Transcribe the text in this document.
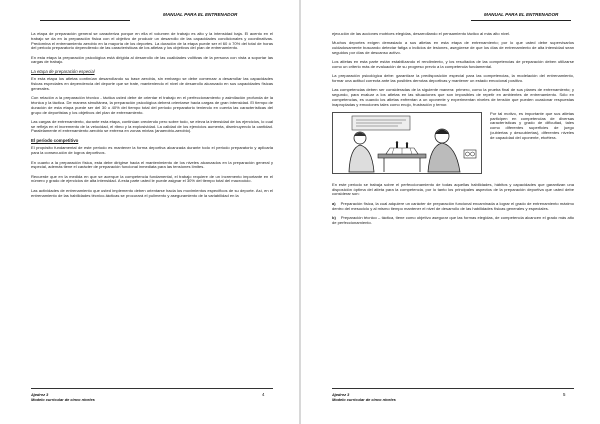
MANUAL PARA EL ENTRENADOR

La etapa de preparación general se caracteriza porque en ella el volumen de trabajo es alto y la intensidad baja. El acento en el trabajo se da en la preparación física con el objetivo de producir un desarrollo de las capacidades condicionales y coordinativas. Predomina el entrenamiento aerobio en la mayoría de los deportes. La duración de la etapa puede ser el 60 ó 70% del total de horas del periodo preparatorio dependiendo de las características de los atletas y los objetivos del plan de entrenamiento.

En esta etapa la preparación psicológica está dirigida al desarrollo de las cualidades volitivas de la persona con vista a soportar las cargas de trabajo.

La etapa de preparación especial

En esta etapa los atletas continúan desarrollando su base aerobia, sin embargo se debe comenzar a desarrollar las capacidades físicas especiales en dependencia del deporte que se trate, manteniendo el nivel de desarrollo alcanzado en sus capacidades físicas generales.

Con relación a la preparación técnico - táctica usted debe de orientar el trabajo en el perfeccionamiento y asimilación profunda de la técnica y la táctica. De manera simultánea, la preparación psicológica deberá orientarse hacia cargas de gran intensidad. El tiempo de duración de esta etapa puede ser del 30 o 40% del tiempo total del periodo preparatorio teniendo en cuenta las características del grupo de deportistas y los objetivos del plan de entrenamiento.

Las cargas de entrenamiento, durante esta etapa, continúan creciendo pero sobre todo, se eleva la intensidad de los ejercicios, lo cual se refleja en el incremento de la velocidad, el ritmo y la explosividad. La calidad de los ejercicios aumenta, disminuyendo la cantidad. Paralelamente el entrenamiento aerobio se entrena en zonas mixtas (anaerobio-aerobio).

El periodo competitivo

El propósito fundamental de este periodo es mantener la forma deportiva alcanzada durante todo el periodo preparatorio y aplicarla para la consecución de logros deportivos.

En cuanto a la preparación física, esta debe dirigirse hacia el mantenimiento de los niveles alcanzados en la preparación general y especial, además tiene el carácter de preparación funcional inmediata para las tensiones límites.

Recuerde que en la medida en que se acerque la competencia fundamental, el trabajo requiere de un incremento importante en el número y grado de ejercicios de alta intensidad. A esta parte usted le puede asignar el 30% del tiempo total del macrociclo.

Las actividades de entrenamiento que usted implemento deben orientarse hacia los movimientos específicos de su deporte. Así, en el entrenamiento de las habilidades técnico-tácticas se procurará el pulimento y aseguramiento de la variabilidad en la

Ajedrez 3
Modelo curricular de cinco niveles
4
MANUAL PARA EL ENTRENADOR

ejecución de las acciones motrices elegidas, desarrollando el pensamiento táctico al más alto nivel.

Muchos deportes exigen demasiado a sus atletas en esta etapa de entrenamiento; por lo que usted debe supervisarlos cuidadosamente buscando detectar fatiga o indicios de lesiones, asegúrese de que los días de entrenamiento de alta intensidad sean seguidos por días de descanso activo.

Los atletas en esta parte están estabilizando el rendimiento, y los resultados de las competencias de preparación deben utilizarse como un criterio más de evaluación de su progreso previo a la competencia fundamental.

La preparación psicológica debe: garantizar la predisposición especial para las competencias, la modelación del entrenamiento, formar una actitud correcta ante las posibles derrotas deportivas y mantener un estado emocional positivo.

Las competencias deben ser consideradas de la siguiente manera: primero, como la prueba final de sus planes de entrenamiento; y segundo, para evaluar a los atletas en las situaciones que son imposibles de repetir en ambientes de entrenamiento. Sólo en competencias, es cuando los atletas enfrentan a un oponente y experimentan niveles de tensión que pueden ocasionar respuestas inapropiadas y emociones tales como enojo, frustración y temor.

Por tal motivo, es importante que sus atletas participen en competencias de diversas características y grado de dificultad, tales como diferentes superficies de juego (cubiertas y descubiertas), diferentes niveles de capacidad del oponente, etcétera.

En este periodo se trabaja sobre el perfeccionamiento de todas aquellas habilidades, hábitos y capacidades que garantizan una disposición óptima del atleta para la competencia, por lo tanto los principales aspectos de la preparación deportiva que usted debe considerar son:

a) Preparación física, la cual adquiere un carácter de preparación funcional encaminada a lograr el grado de entrenamiento máximo dentro del mesociclo y al mismo tiempo mantener el nivel de desarrollo de las habilidades físicas generales y especiales.
b) Preparación técnico – táctica, tiene como objetivo asegurar que las formas elegidas, de competencia alcancen el grado más alto de perfeccionamiento.
Ajedrez 3
Modelo curricular de cinco niveles
5
